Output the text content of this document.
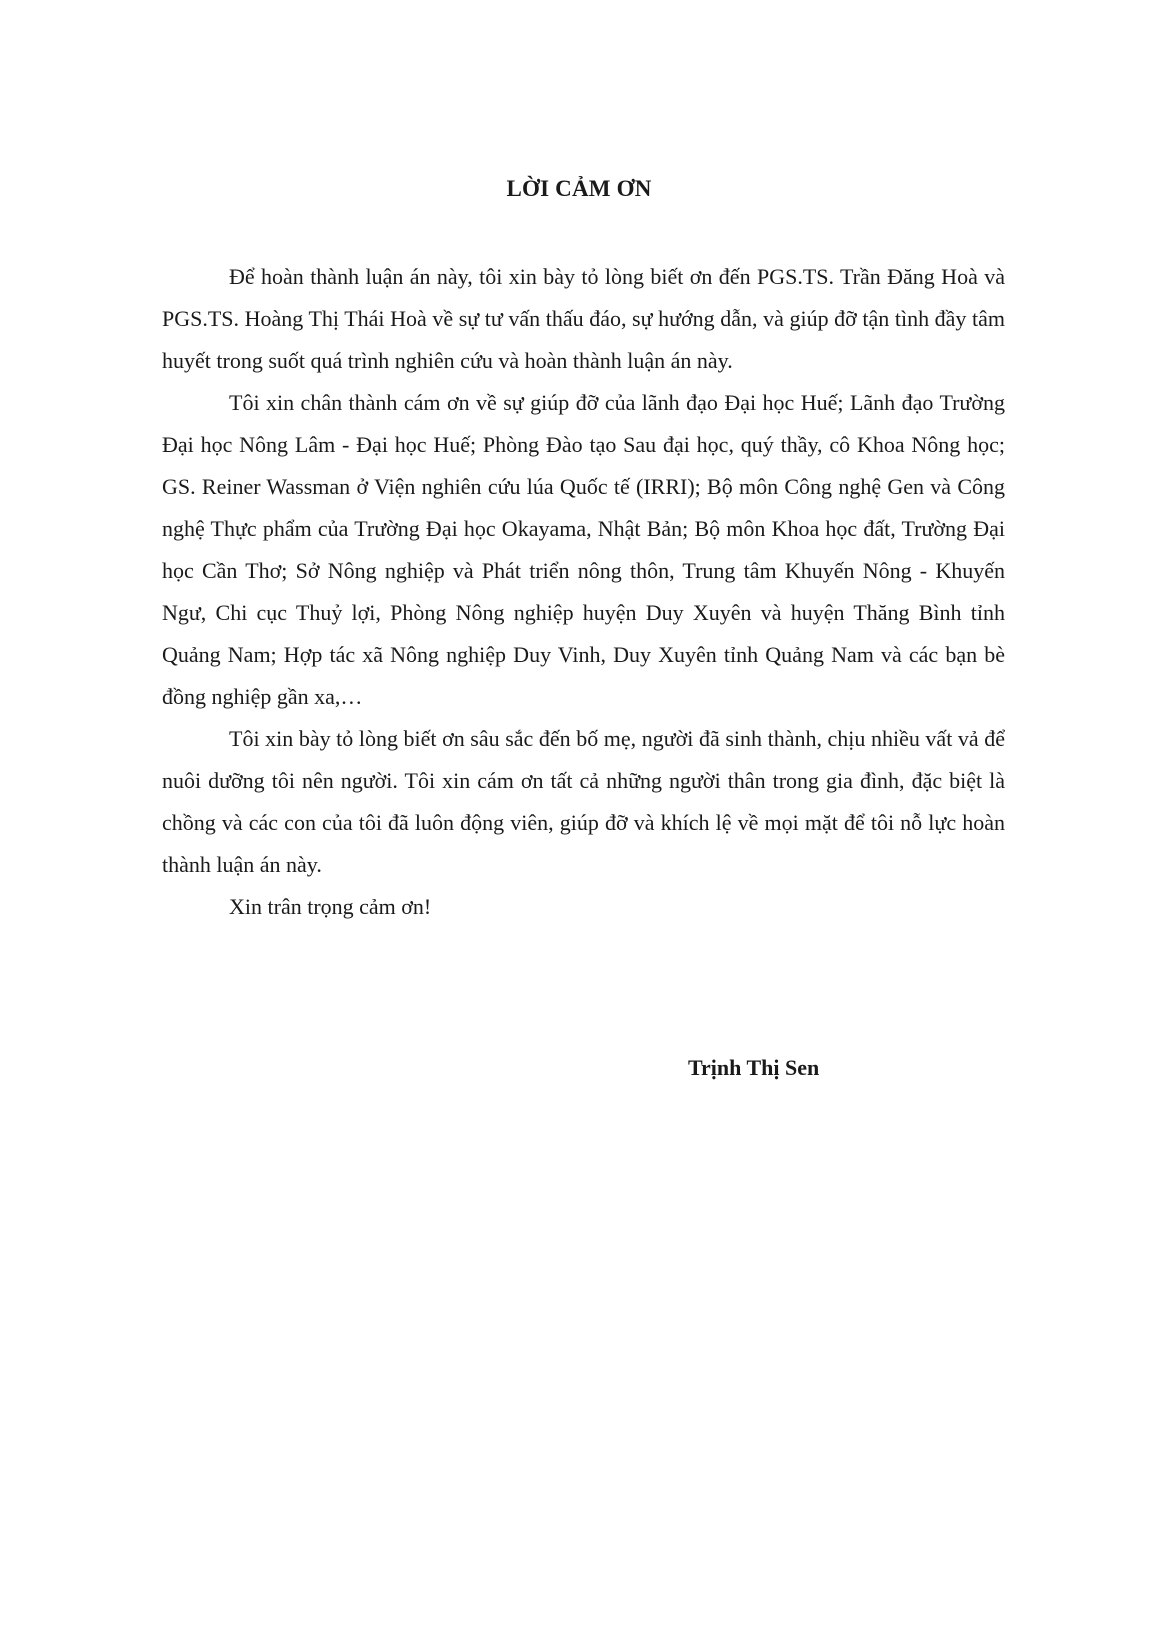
LỜI CẢM ƠN

Để hoàn thành luận án này, tôi xin bày tỏ lòng biết ơn đến PGS.TS. Trần Đăng Hoà và PGS.TS. Hoàng Thị Thái Hoà về sự tư vấn thấu đáo, sự hướng dẫn, và giúp đỡ tận tình đầy tâm huyết trong suốt quá trình nghiên cứu và hoàn thành luận án này.

Tôi xin chân thành cám ơn về sự giúp đỡ của lãnh đạo Đại học Huế; Lãnh đạo Trường Đại học Nông Lâm - Đại học Huế; Phòng Đào tạo Sau đại học, quý thầy, cô Khoa Nông học; GS. Reiner Wassman ở Viện nghiên cứu lúa Quốc tế (IRRI); Bộ môn Công nghệ Gen và Công nghệ Thực phẩm của Trường Đại học Okayama, Nhật Bản; Bộ môn Khoa học đất, Trường Đại học Cần Thơ; Sở Nông nghiệp và Phát triển nông thôn, Trung tâm Khuyến Nông - Khuyến Ngư, Chi cục Thuỷ lợi, Phòng Nông nghiệp huyện Duy Xuyên và huyện Thăng Bình tỉnh Quảng Nam; Hợp tác xã Nông nghiệp Duy Vinh, Duy Xuyên tỉnh Quảng Nam và các bạn bè đồng nghiệp gần xa,…

Tôi xin bày tỏ lòng biết ơn sâu sắc đến bố mẹ, người đã sinh thành, chịu nhiều vất vả để nuôi dưỡng tôi nên người. Tôi xin cám ơn tất cả những người thân trong gia đình, đặc biệt là chồng và các con của tôi đã luôn động viên, giúp đỡ và khích lệ về mọi mặt để tôi nỗ lực hoàn thành luận án này.

Xin trân trọng cảm ơn!

Trịnh Thị Sen
